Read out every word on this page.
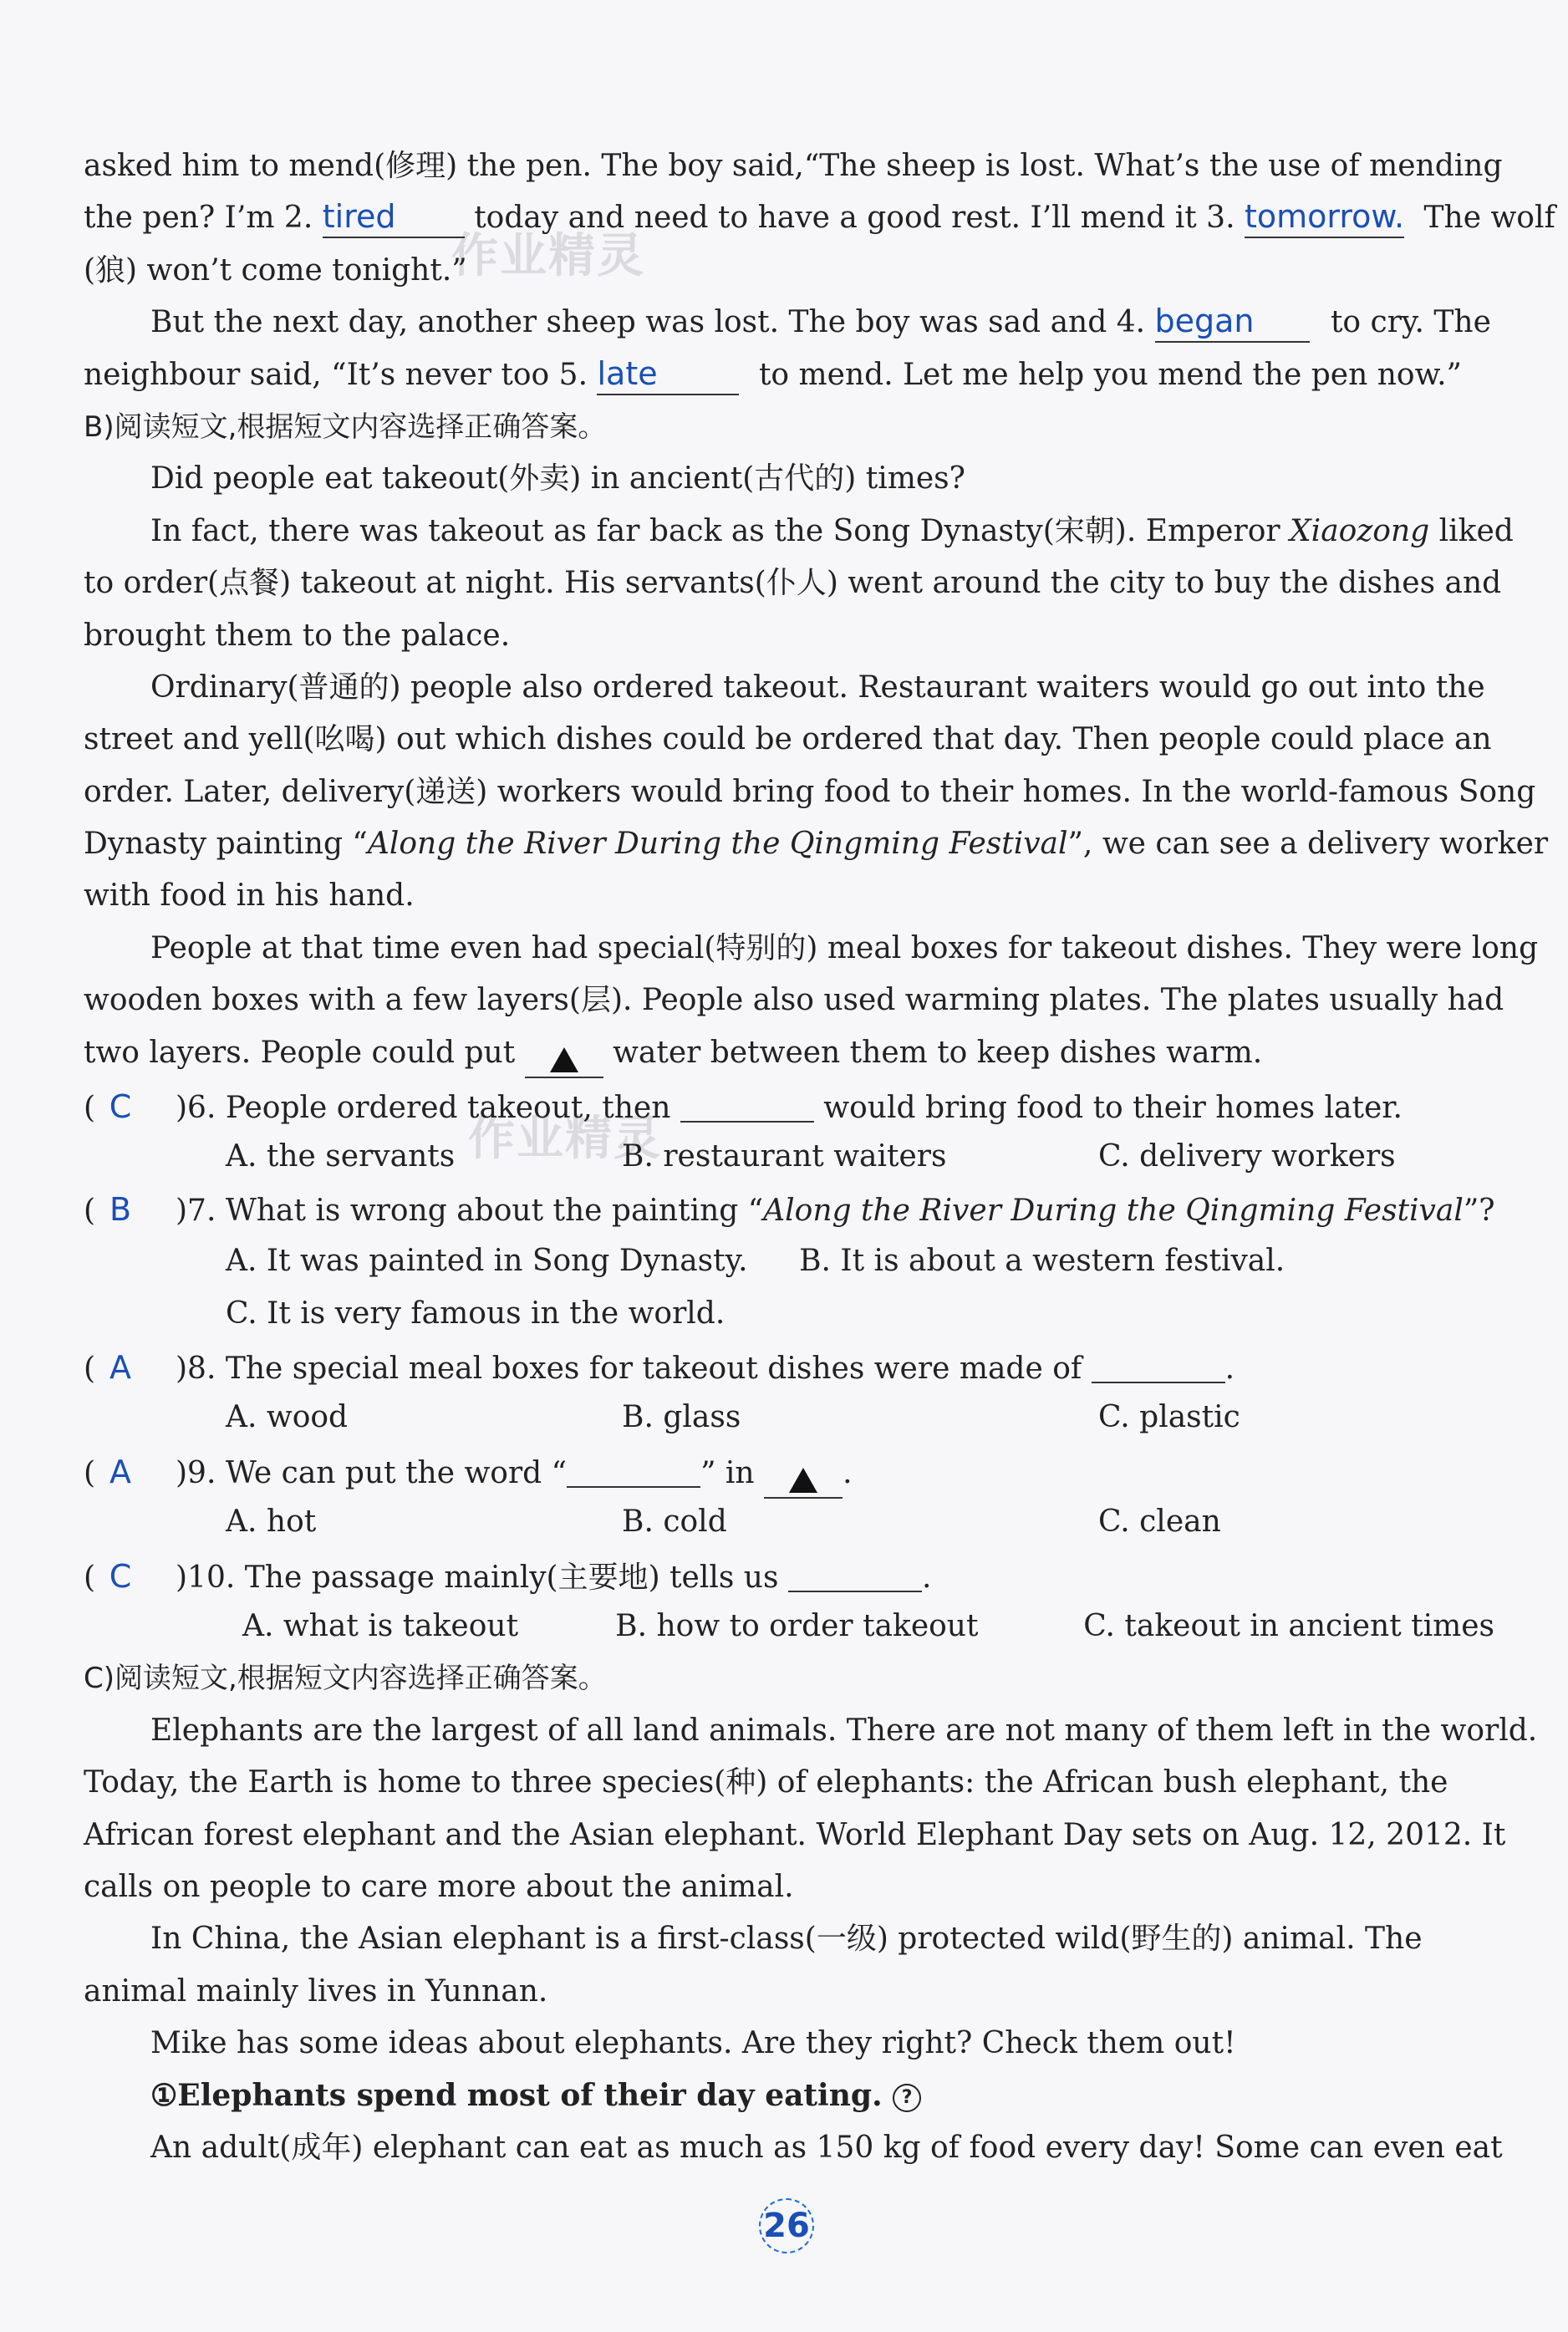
作业精灵
作业精灵
asked him to mend(修理) the pen. The boy said,“The sheep is lost. What’s the use of mending
the pen? I’m 2. tired	today and need to have a good rest. I’ll mend it 3. tomorrow. The wolf
(狼) won’t come tonight.”
But the next day, another sheep was lost. The boy was sad and 4. began	to cry. The
neighbour said, “It’s never too 5. late	to mend. Let me help you mend the pen now.”
B)阅读短文,根据短文内容选择正确答案。
Did people eat takeout(外卖) in ancient(古代的) times?
In fact, there was takeout as far back as the Song Dynasty(宋朝). Emperor Xiaozong liked
to order(点餐) takeout at night. His servants(仆人) went around the city to buy the dishes and
brought them to the palace.
Ordinary(普通的) people also ordered takeout. Restaurant waiters would go out into the
street and yell(吆喝) out which dishes could be ordered that day. Then people could place an
order. Later, delivery(递送) workers would bring food to their homes. In the world-famous Song
Dynasty painting “Along the River During the Qingming Festival”, we can see a delivery worker
with food in his hand.
People at that time even had special(特别的) meal boxes for takeout dishes. They were long
wooden boxes with a few layers(层). People also used warming plates. The plates usually had
two layers. People could put	water between them to keep dishes warm.
( C )6. People ordered takeout, then	would bring food to their homes later.
A. the servants	B. restaurant waiters	C. delivery workers
( B )7. What is wrong about the painting “Along the River During the Qingming Festival”?
A. It was painted in Song Dynasty. B. It is about a western festival.
C. It is very famous in the world.
( A )8. The special meal boxes for takeout dishes were made of	.
A. wood	B. glass	C. plastic
( A )9. We can put the word “	” in	.
A. hot	B. cold	C. clean
( C )10. The passage mainly(主要地) tells us	.
A. what is takeout	B. how to order takeout	C. takeout in ancient times
C)阅读短文,根据短文内容选择正确答案。
Elephants are the largest of all land animals. There are not many of them left in the world.
Today, the Earth is home to three species(种) of elephants: the African bush elephant, the
African forest elephant and the Asian elephant. World Elephant Day sets on Aug. 12, 2012. It
calls on people to care more about the animal.
In China, the Asian elephant is a first-class(一级) protected wild(野生的) animal. The
animal mainly lives in Yunnan.
Mike has some ideas about elephants. Are they right? Check them out!
①Elephants spend most of their day eating. ?
An adult(成年) elephant can eat as much as 150 kg of food every day! Some can even eat
26
